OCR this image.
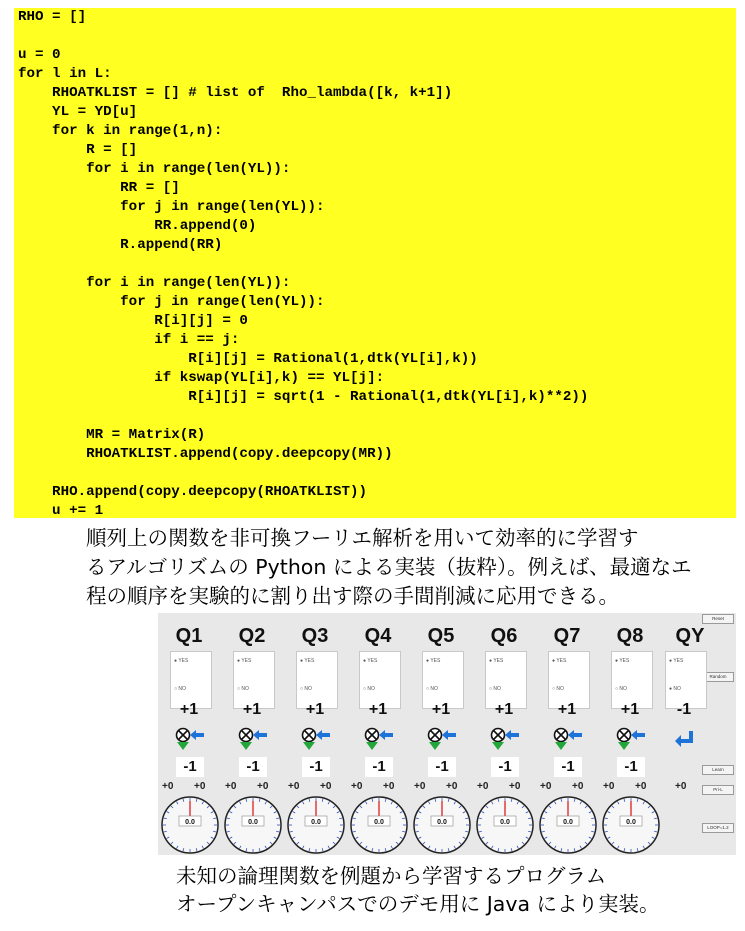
RHO = []
u = 0
for l in L:
RHOATKLIST = [] # list of  Rho_lambda([k, k+1])
YL = YD[u]
for k in range(1,n):
R = []
for i in range(len(YL)):
RR = []
for j in range(len(YL)):
RR.append(0)
R.append(RR)
for i in range(len(YL)):
for j in range(len(YL)):
R[i][j] = 0
if i == j:
R[i][j] = Rational(1,dtk(YL[i],k))
if kswap(YL[i],k) == YL[j]:
R[i][j] = sqrt(1 - Rational(1,dtk(YL[i],k)**2))
MR = Matrix(R)
RHOATKLIST.append(copy.deepcopy(MR))
RHO.append(copy.deepcopy(RHOATKLIST))
u += 1
順列上の関数を非可換フーリエ解析を用いて効率的に学習す
るアルゴリズムの Python による実装（抜粋）。例えば、最適なエ
程の順序を実験的に割り出す際の手間削減に応用できる。
Reset
Random
Learn
Pri-L
LOOP=1.2
Q1
● YES
○ NO
+1
-1
+0 +0
0.0
Q2
● YES
○ NO
+1
-1
+0 +0
0.0
Q3
● YES
○ NO
+1
-1
+0 +0
0.0
Q4
● YES
○ NO
+1
-1
+0 +0
0.0
Q5
● YES
○ NO
+1
-1
+0 +0
0.0
Q6
● YES
○ NO
+1
-1
+0 +0
0.0
Q7
● YES
○ NO
+1
-1
+0 +0
0.0
Q8
● YES
○ NO
+1
-1
+0 +0
0.0
QY
● YES
● NO
-1
+0
未知の論理関数を例題から学習するプログラム
オープンキャンパスでのデモ用に Java により実装。
